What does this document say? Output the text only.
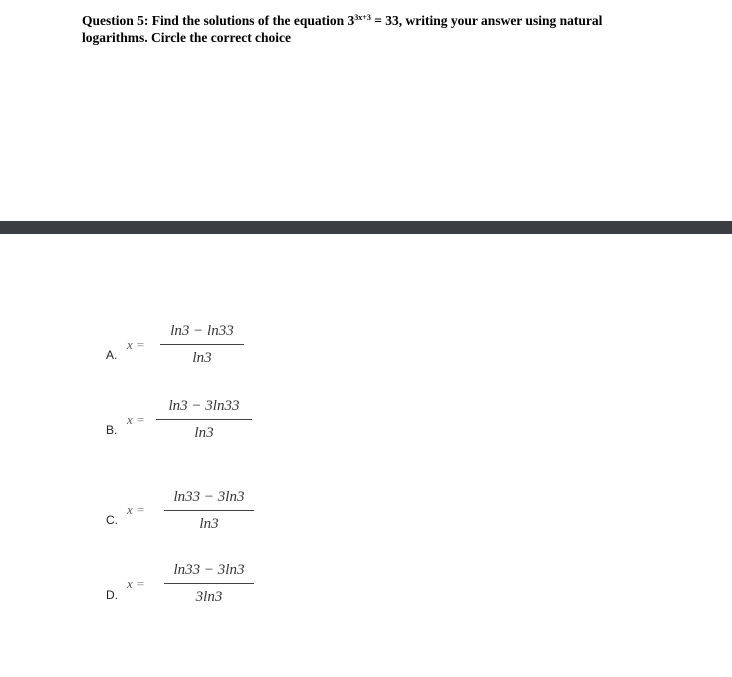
Question 5: Find the solutions of the equation $3^{3x+3} = 33$, writing your answer using natural
logarithms. Circle the correct choice
A.
x =
ln3 − ln33
ln3
B.
x =
ln3 − 3ln33
ln3
C.
x =
ln33 − 3ln3
ln3
D.
x =
ln33 − 3ln3
3ln3
